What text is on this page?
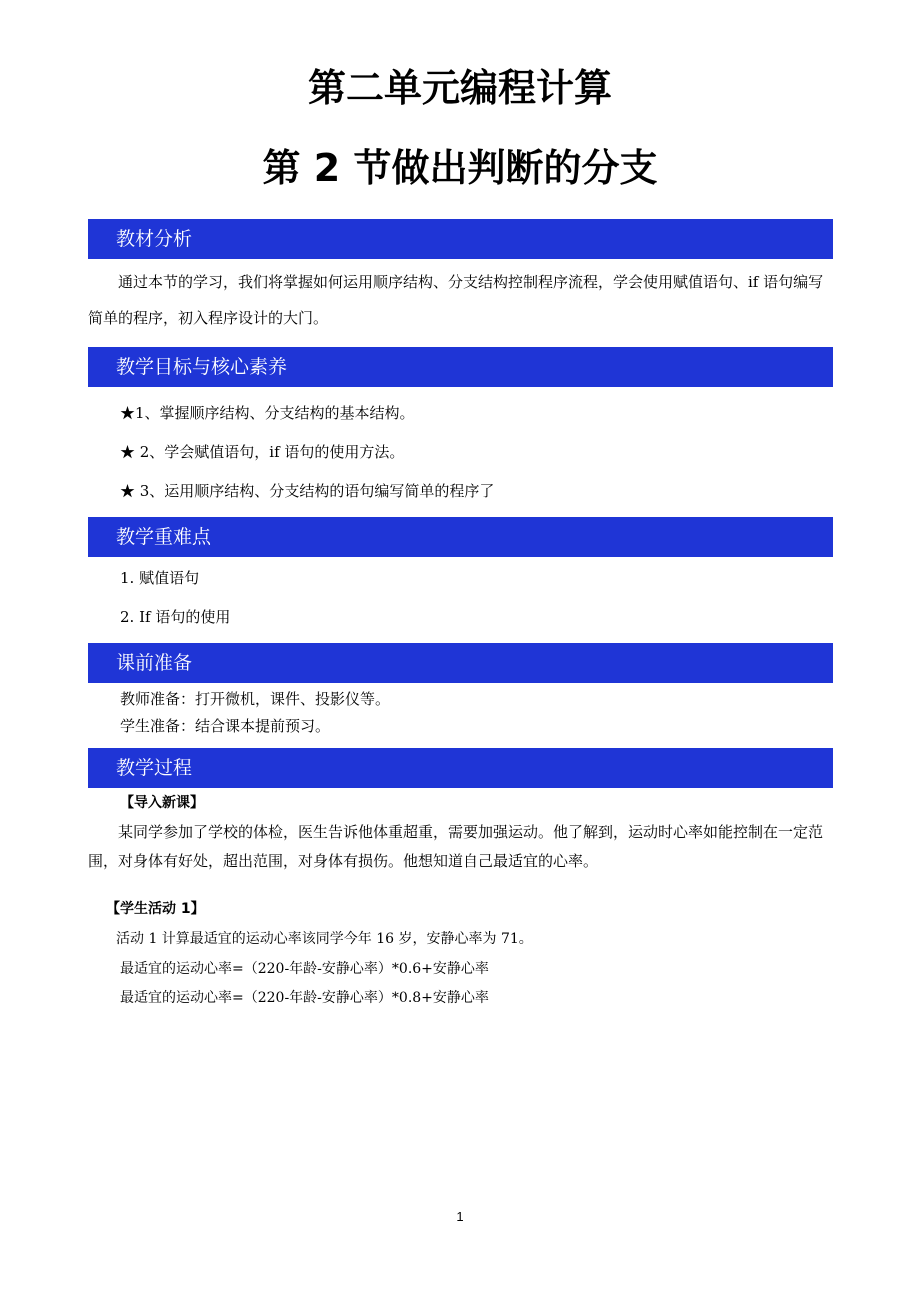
第二单元编程计算
第 2 节做出判断的分支
教材分析

通过本节的学习，我们将掌握如何运用顺序结构、分支结构控制程序流程，学会使用赋值语句、if 语句编写简单的程序，初入程序设计的大门。

教学目标与核心素养
★1、掌握顺序结构、分支结构的基本结构。
★ 2、学会赋值语句，if 语句的使用方法。
★ 3、运用顺序结构、分支结构的语句编写简单的程序了
教学重难点
1. 赋值语句
2. If 语句的使用
课前准备
教师准备：打开微机，课件、投影仪等。
学生准备：结合课本提前预习。
教学过程
【导入新课】

某同学参加了学校的体检，医生告诉他体重超重，需要加强运动。他了解到，运动时心率如能控制在一定范围，对身体有好处，超出范围，对身体有损伤。他想知道自己最适宜的心率。

【学生活动 1】
活动 1 计算最适宜的运动心率该同学今年 16 岁，安静心率为 71。
最适宜的运动心率=（220-年龄-安静心率）*0.6+安静心率
最适宜的运动心率=（220-年龄-安静心率）*0.8+安静心率
1
